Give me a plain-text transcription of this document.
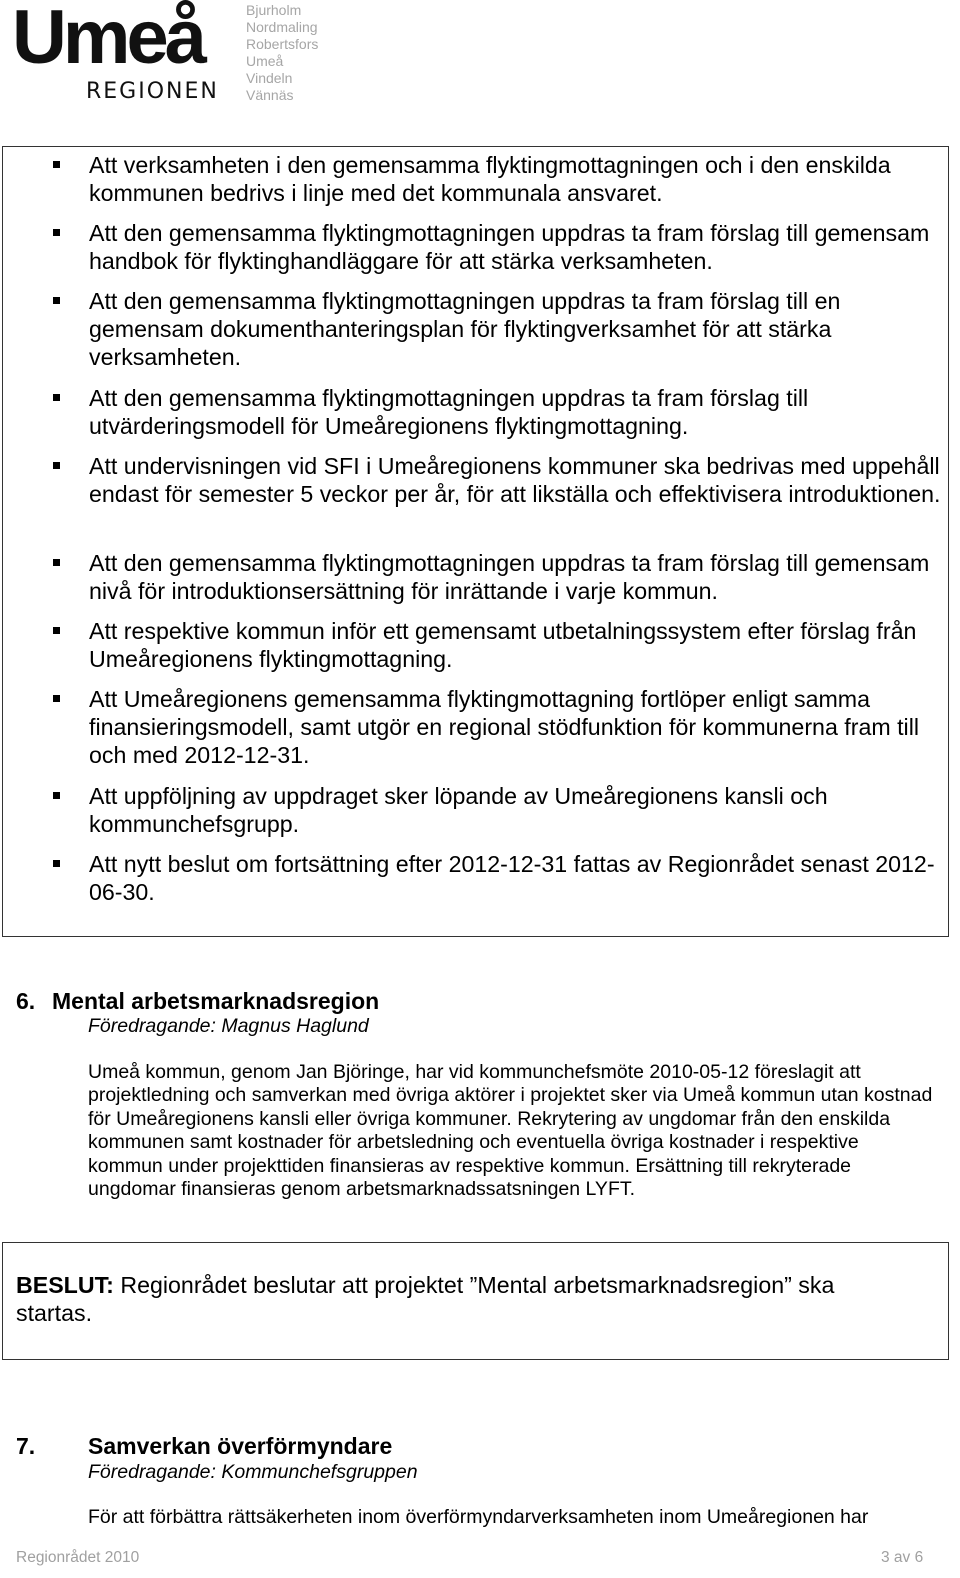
Umeå
REGIONEN
Bjurholm
Nordmaling
Robertsfors
Umeå
Vindeln
Vännäs
Att verksamheten i den gemensamma flyktingmottagningen och i den enskilda kommunen bedrivs i linje med det kommunala ansvaret.
Att den gemensamma flyktingmottagningen uppdras ta fram förslag till gemensam handbok för flyktinghandläggare för att stärka verksamheten.
Att den gemensamma flyktingmottagningen uppdras ta fram förslag till en gemensam dokumenthanteringsplan för flyktingverksamhet för att stärka verksamheten.
Att den gemensamma flyktingmottagningen uppdras ta fram förslag till utvärderingsmodell för Umeåregionens flyktingmottagning.
Att undervisningen vid SFI i Umeåregionens kommuner ska bedrivas med uppehåll endast för semester 5 veckor per år, för att likställa och effektivisera introduktionen.
Att den gemensamma flyktingmottagningen uppdras ta fram förslag till gemensam nivå för introduktionsersättning för inrättande i varje kommun.
Att respektive kommun inför ett gemensamt utbetalningssystem efter förslag från Umeåregionens flyktingmottagning.
Att Umeåregionens gemensamma flyktingmottagning fortlöper enligt samma finansieringsmodell, samt utgör en regional stödfunktion för kommunerna fram till och med 2012-12-31.
Att uppföljning av uppdraget sker löpande av Umeåregionens kansli och kommunchefsgrupp.
Att nytt beslut om fortsättning efter 2012-12-31 fattas av Regionrådet senast 2012-06-30.
6. Mental arbetsmarknadsregion
Föredragande: Magnus Haglund
Umeå kommun, genom Jan Björinge, har vid kommunchefsmöte 2010-05-12 föreslagit att projektledning och samverkan med övriga aktörer i projektet sker via Umeå kommun utan kostnad för Umeåregionens kansli eller övriga kommuner. Rekrytering av ungdomar från den enskilda kommunen samt kostnader för arbetsledning och eventuella övriga kostnader i respektive kommun under projekttiden finansieras av respektive kommun. Ersättning till rekryterade ungdomar finansieras genom arbetsmarknadssatsningen LYFT.
BESLUT: Regionrådet beslutar att projektet ”Mental arbetsmarknadsregion” ska startas.
7. Samverkan överförmyndare
Föredragande: Kommunchefsgruppen
För att förbättra rättsäkerheten inom överförmyndarverksamheten inom Umeåregionen har
Regionrådet 2010	3 av 6
